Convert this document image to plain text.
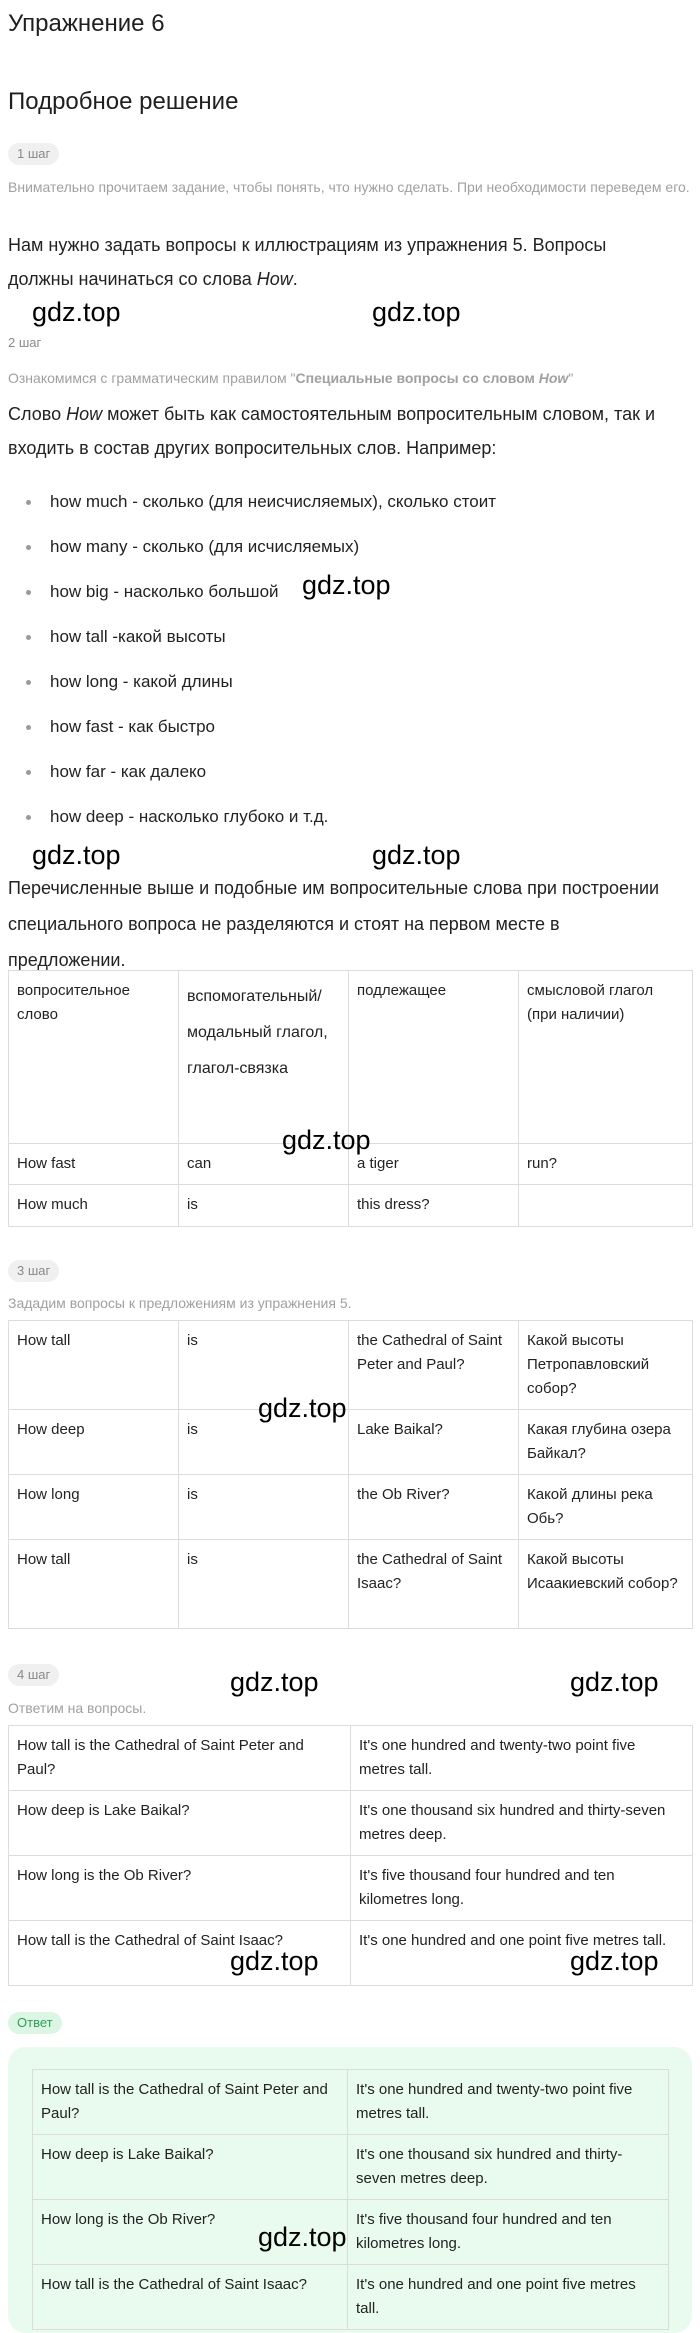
Упражнение 6
Подробное решение
1 шаг
Внимательно прочитаем задание, чтобы понять, что нужно сделать. При необходимости переведем его.
Нам нужно задать вопросы к иллюстрациям из упражнения 5. Вопросы
должны начинаться со слова How.
2 шаг
Ознакомимся с грамматическим правилом "Специальные вопросы со словом How"
Слово How может быть как самостоятельным вопросительным словом, так и
входить в состав других вопросительных слов. Например:
how much - сколько (для неисчисляемых), сколько стоит
how many - сколько (для исчисляемых)
how big - насколько большой
how tall -какой высоты
how long - какой длины
how fast - как быстро
how far - как далеко
how deep - насколько глубоко и т.д.
Перечисленные выше и подобные им вопросительные слова при построении
специального вопроса не разделяются и стоят на первом месте в
предложении.
вопросительное слово	вспомогательный/модальный глагол, глагол-связка	подлежащее	смысловой глагол (при наличии)
How fast	can	a tiger	run?
How much	is	this dress?	
3 шаг
Зададим вопросы к предложениям из упражнения 5.
How tall	is	the Cathedral of Saint Peter and Paul?	Какой высоты Петропавловский собор?
How deep	is	Lake Baikal?	Какая глубина озера Байкал?
How long	is	the Ob River?	Какой длины река Обь?
How tall	is	the Cathedral of Saint Isaac?	Какой высоты Исаакиевский собор?
4 шаг
Ответим на вопросы.
How tall is the Cathedral of Saint Peter and Paul?	It's one hundred and twenty-two point five metres tall.
How deep is Lake Baikal?	It's one thousand six hundred and thirty-seven metres deep.
How long is the Ob River?	It's five thousand four hundred and ten kilometres long.
How tall is the Cathedral of Saint Isaac?	It's one hundred and one point five metres tall.
Ответ
How tall is the Cathedral of Saint Peter and Paul?	It's one hundred and twenty-two point five metres tall.
How deep is Lake Baikal?	It's one thousand six hundred and thirty-seven metres deep.
How long is the Ob River?	It's five thousand four hundred and ten kilometres long.
How tall is the Cathedral of Saint Isaac?	It's one hundred and one point five metres tall.
gdz.top	gdz.top
gdz.top
gdz.top	gdz.top
gdz.top
gdz.top
gdz.top	gdz.top
gdz.top	gdz.top
gdz.top
